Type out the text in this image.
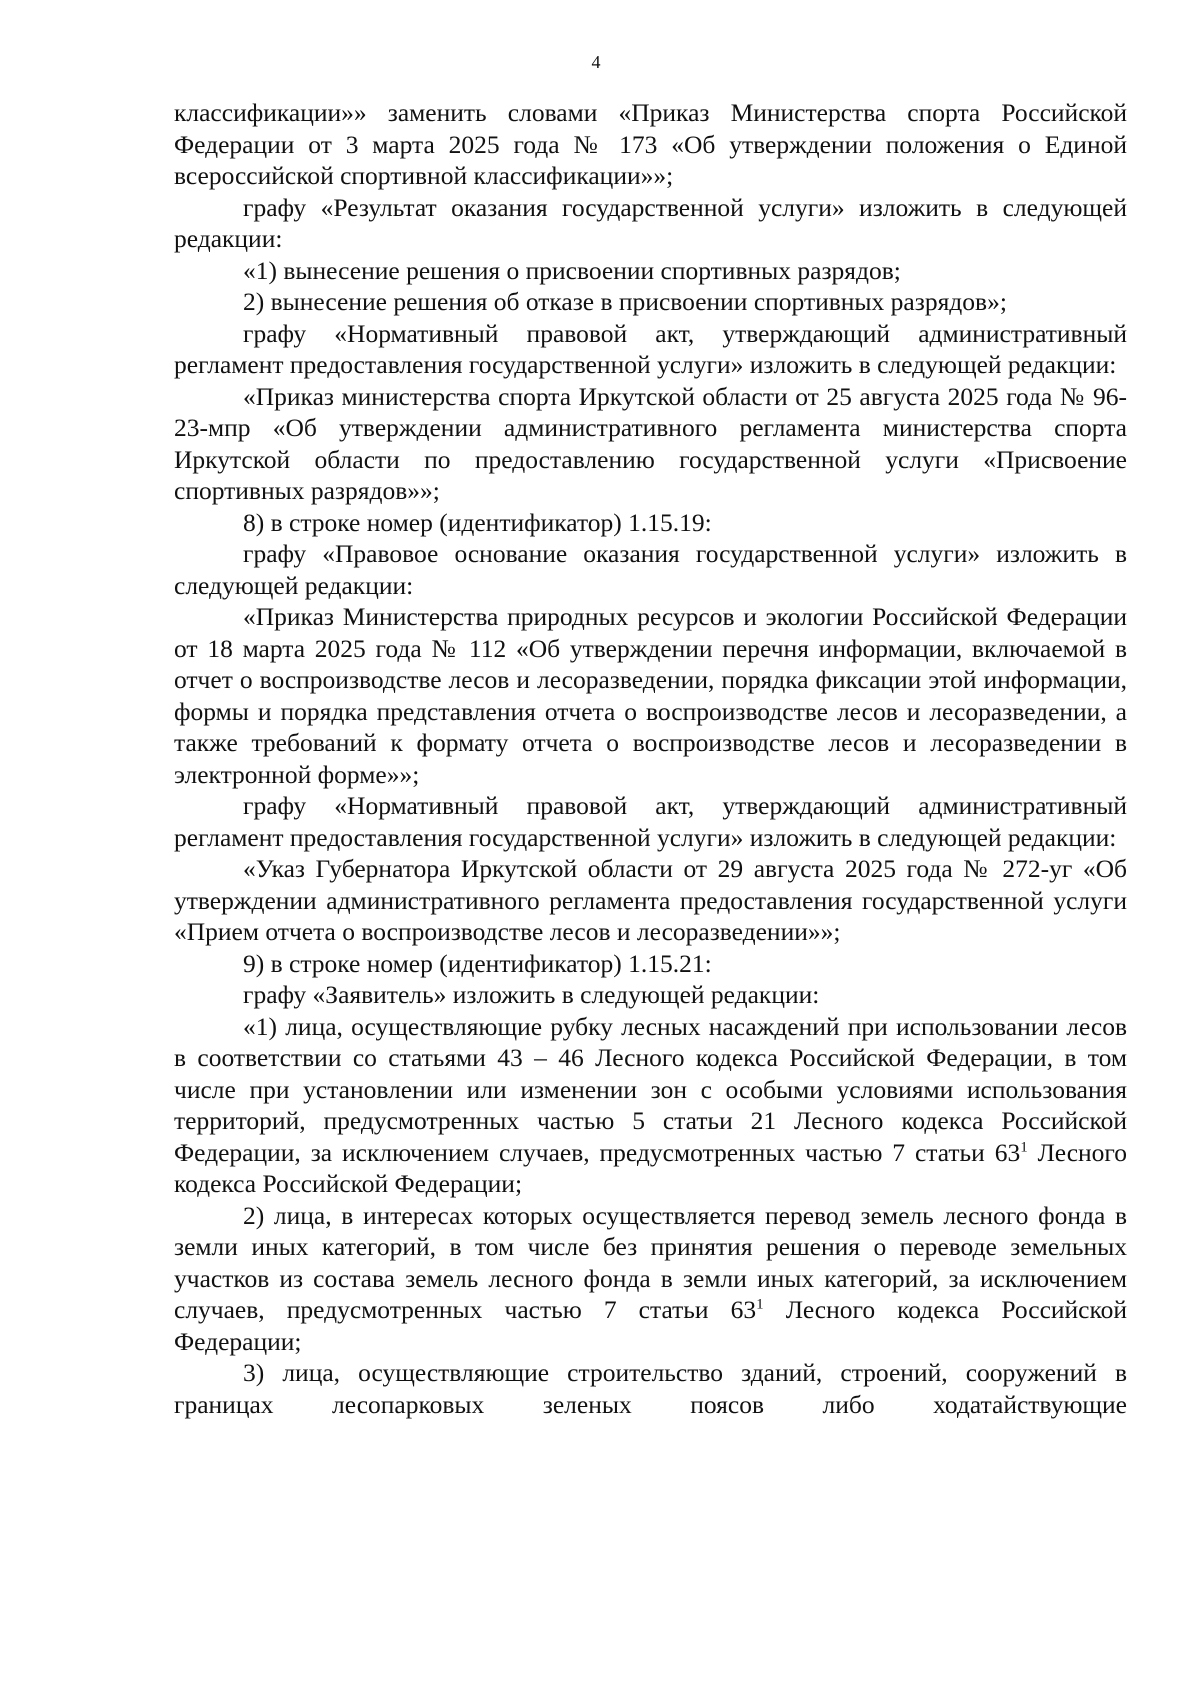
4

классификации»» заменить словами «Приказ Министерства спорта Российской Федерации от 3 марта 2025 года № 173 «Об утверждении положения о Единой всероссийской спортивной классификации»»;

графу «Результат оказания государственной услуги» изложить в следующей редакции:

«1) вынесение решения о присвоении спортивных разрядов;

2) вынесение решения об отказе в присвоении спортивных разрядов»;

графу «Нормативный правовой акт, утверждающий административный регламент предоставления государственной услуги» изложить в следующей редакции:

«Приказ министерства спорта Иркутской области от 25 августа 2025 года № 96-23-мпр «Об утверждении административного регламента министерства спорта Иркутской области по предоставлению государственной услуги «Присвоение спортивных разрядов»»;

8) в строке номер (идентификатор) 1.15.19:

графу «Правовое основание оказания государственной услуги» изложить в следующей редакции:

«Приказ Министерства природных ресурсов и экологии Российской Федерации от 18 марта 2025 года № 112 «Об утверждении перечня информации, включаемой в отчет о воспроизводстве лесов и лесоразведении, порядка фиксации этой информации, формы и порядка представления отчета о воспроизводстве лесов и лесоразведении, а также требований к формату отчета о воспроизводстве лесов и лесоразведении в электронной форме»»;

графу «Нормативный правовой акт, утверждающий административный регламент предоставления государственной услуги» изложить в следующей редакции:

«Указ Губернатора Иркутской области от 29 августа 2025 года № 272-уг «Об утверждении административного регламента предоставления государственной услуги «Прием отчета о воспроизводстве лесов и лесоразведении»»;

9) в строке номер (идентификатор) 1.15.21:

графу «Заявитель» изложить в следующей редакции:

«1) лица, осуществляющие рубку лесных насаждений при использовании лесов в соответствии со статьями 43 – 46 Лесного кодекса Российской Федерации, в том числе при установлении или изменении зон с особыми условиями использования территорий, предусмотренных частью 5 статьи 21 Лесного кодекса Российской Федерации, за исключением случаев, предусмотренных частью 7 статьи $63^1$ Лесного кодекса Российской Федерации;

2) лица, в интересах которых осуществляется перевод земель лесного фонда в земли иных категорий, в том числе без принятия решения о переводе земельных участков из состава земель лесного фонда в земли иных категорий, за исключением случаев, предусмотренных частью 7 статьи $63^1$ Лесного кодекса Российской Федерации;

3) лица, осуществляющие строительство зданий, строений, сооружений в границах лесопарковых зеленых поясов либо ходатайствующие
